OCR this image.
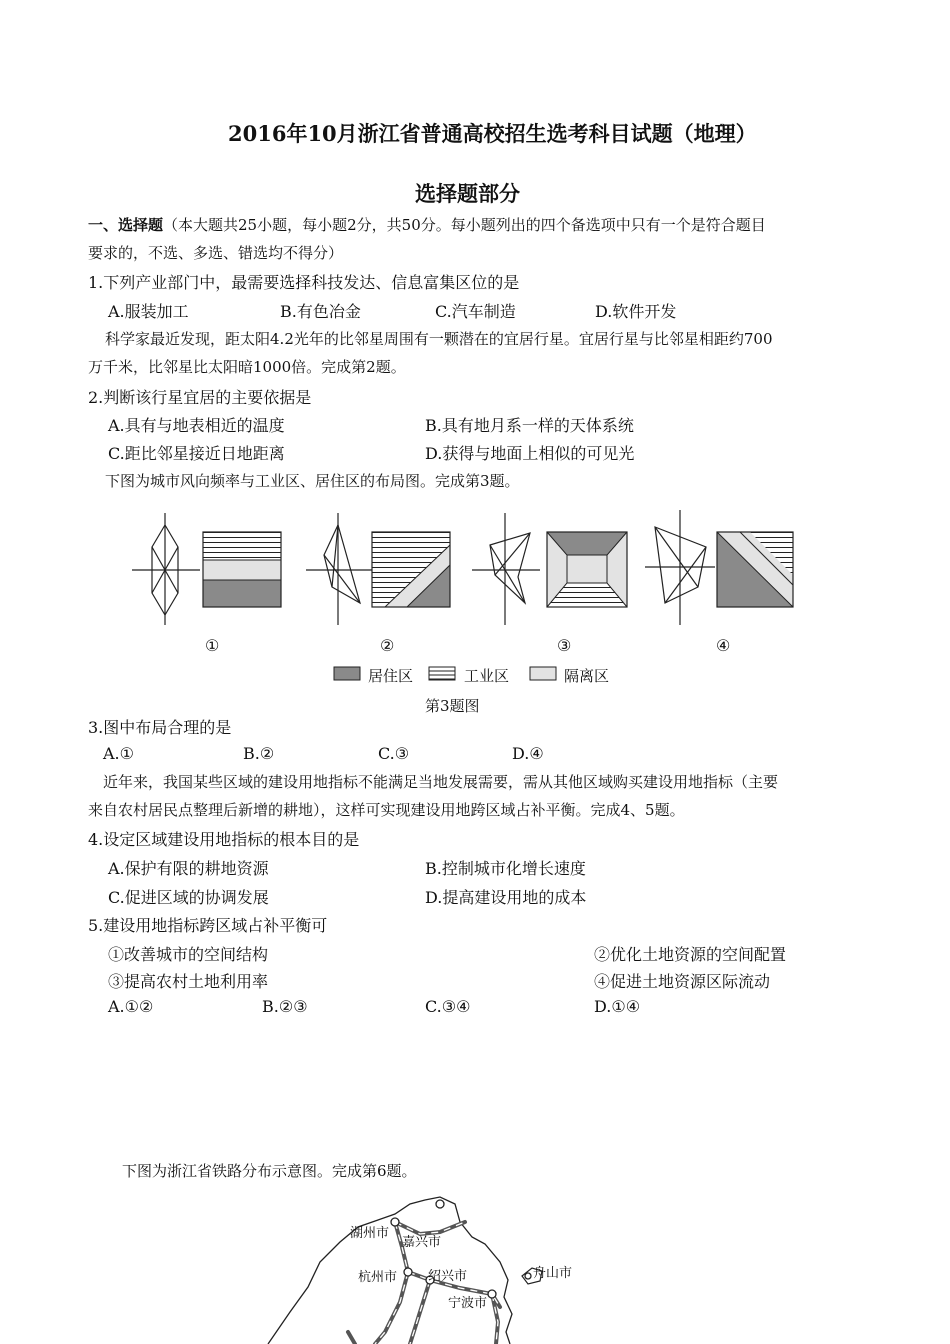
2016年10月浙江省普通高校招生选考科目试题（地理）
选择题部分
一、选择题（本大题共25小题，每小题2分，共50分。每小题列出的四个备选项中只有一个是符合题目
要求的，不选、多选、错选均不得分）
1.下列产业部门中，最需要选择科技发达、信息富集区位的是
A.服装加工	B.有色冶金	C.汽车制造	D.软件开发
科学家最近发现，距太阳4.2光年的比邻星周围有一颗潜在的宜居行星。宜居行星与比邻星相距约700
万千米，比邻星比太阳暗1000倍。完成第2题。
2.判断该行星宜居的主要依据是
A.具有与地表相近的温度	B.具有地月系一样的天体系统
C.距比邻星接近日地距离	D.获得与地面上相似的可见光
下图为城市风向频率与工业区、居住区的布局图。完成第3题。
①	②	③	④
居住区	工业区	隔离区
第3题图
3.图中布局合理的是
A.①	B.②	C.③	D.④
近年来，我国某些区域的建设用地指标不能满足当地发展需要，需从其他区域购买建设用地指标（主要
来自农村居民点整理后新增的耕地），这样可实现建设用地跨区域占补平衡。完成4、5题。
4.设定区域建设用地指标的根本目的是
A.保护有限的耕地资源	B.控制城市化增长速度
C.促进区域的协调发展	D.提高建设用地的成本
5.建设用地指标跨区域占补平衡可
①改善城市的空间结构	②优化土地资源的空间配置
③提高农村土地利用率	④促进土地资源区际流动
A.①②	B.②③	C.③④	D.①④
下图为浙江省铁路分布示意图。完成第6题。
湖州市
嘉兴市
杭州市 绍兴市	舟山市
宁波市
